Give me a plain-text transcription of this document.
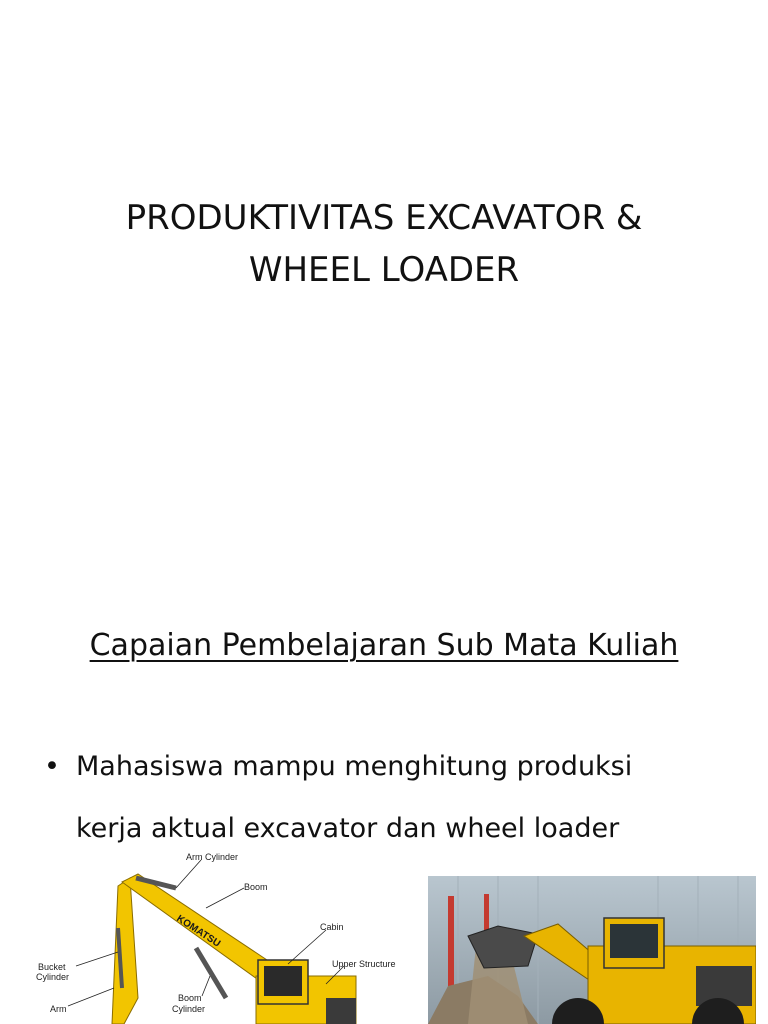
PRODUKTIVITAS EXCAVATOR &
WHEEL LOADER
Capaian Pembelajaran Sub Mata Kuliah
• Mahasiswa mampu menghitung produksi kerja aktual excavator dan wheel loader
KOMATSU
Arm Cylinder
Boom
Cabin
Upper Structure
Bucket
Cylinder
Arm
Boom
Cylinder
